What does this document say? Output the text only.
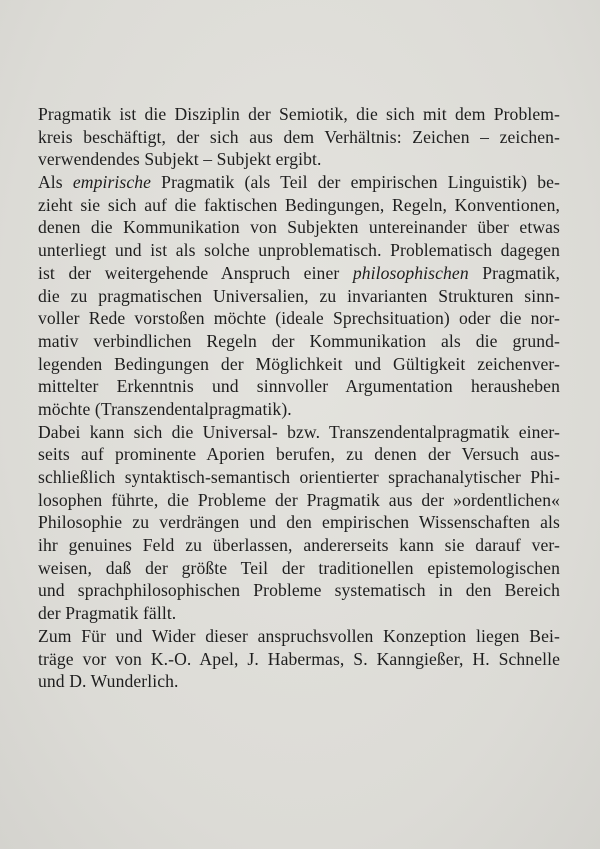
Pragmatik ist die Disziplin der Semiotik, die sich mit dem Problem-
kreis beschäftigt, der sich aus dem Verhältnis: Zeichen – zeichen-
verwendendes Subjekt – Subjekt ergibt.
Als empirische Pragmatik (als Teil der empirischen Linguistik) be-
zieht sie sich auf die faktischen Bedingungen, Regeln, Konventionen,
denen die Kommunikation von Subjekten untereinander über etwas
unterliegt und ist als solche unproblematisch. Problematisch dagegen
ist der weitergehende Anspruch einer philosophischen Pragmatik,
die zu pragmatischen Universalien, zu invarianten Strukturen sinn-
voller Rede vorstoßen möchte (ideale Sprechsituation) oder die nor-
mativ verbindlichen Regeln der Kommunikation als die grund-
legenden Bedingungen der Möglichkeit und Gültigkeit zeichenver-
mittelter Erkenntnis und sinnvoller Argumentation herausheben
möchte (Transzendentalpragmatik).
Dabei kann sich die Universal- bzw. Transzendentalpragmatik einer-
seits auf prominente Aporien berufen, zu denen der Versuch aus-
schließlich syntaktisch-semantisch orientierter sprachanalytischer Phi-
losophen führte, die Probleme der Pragmatik aus der »ordentlichen«
Philosophie zu verdrängen und den empirischen Wissenschaften als
ihr genuines Feld zu überlassen, andererseits kann sie darauf ver-
weisen, daß der größte Teil der traditionellen epistemologischen
und sprachphilosophischen Probleme systematisch in den Bereich
der Pragmatik fällt.
Zum Für und Wider dieser anspruchsvollen Konzeption liegen Bei-
träge vor von K.-O. Apel, J. Habermas, S. Kanngießer, H. Schnelle
und D. Wunderlich.
